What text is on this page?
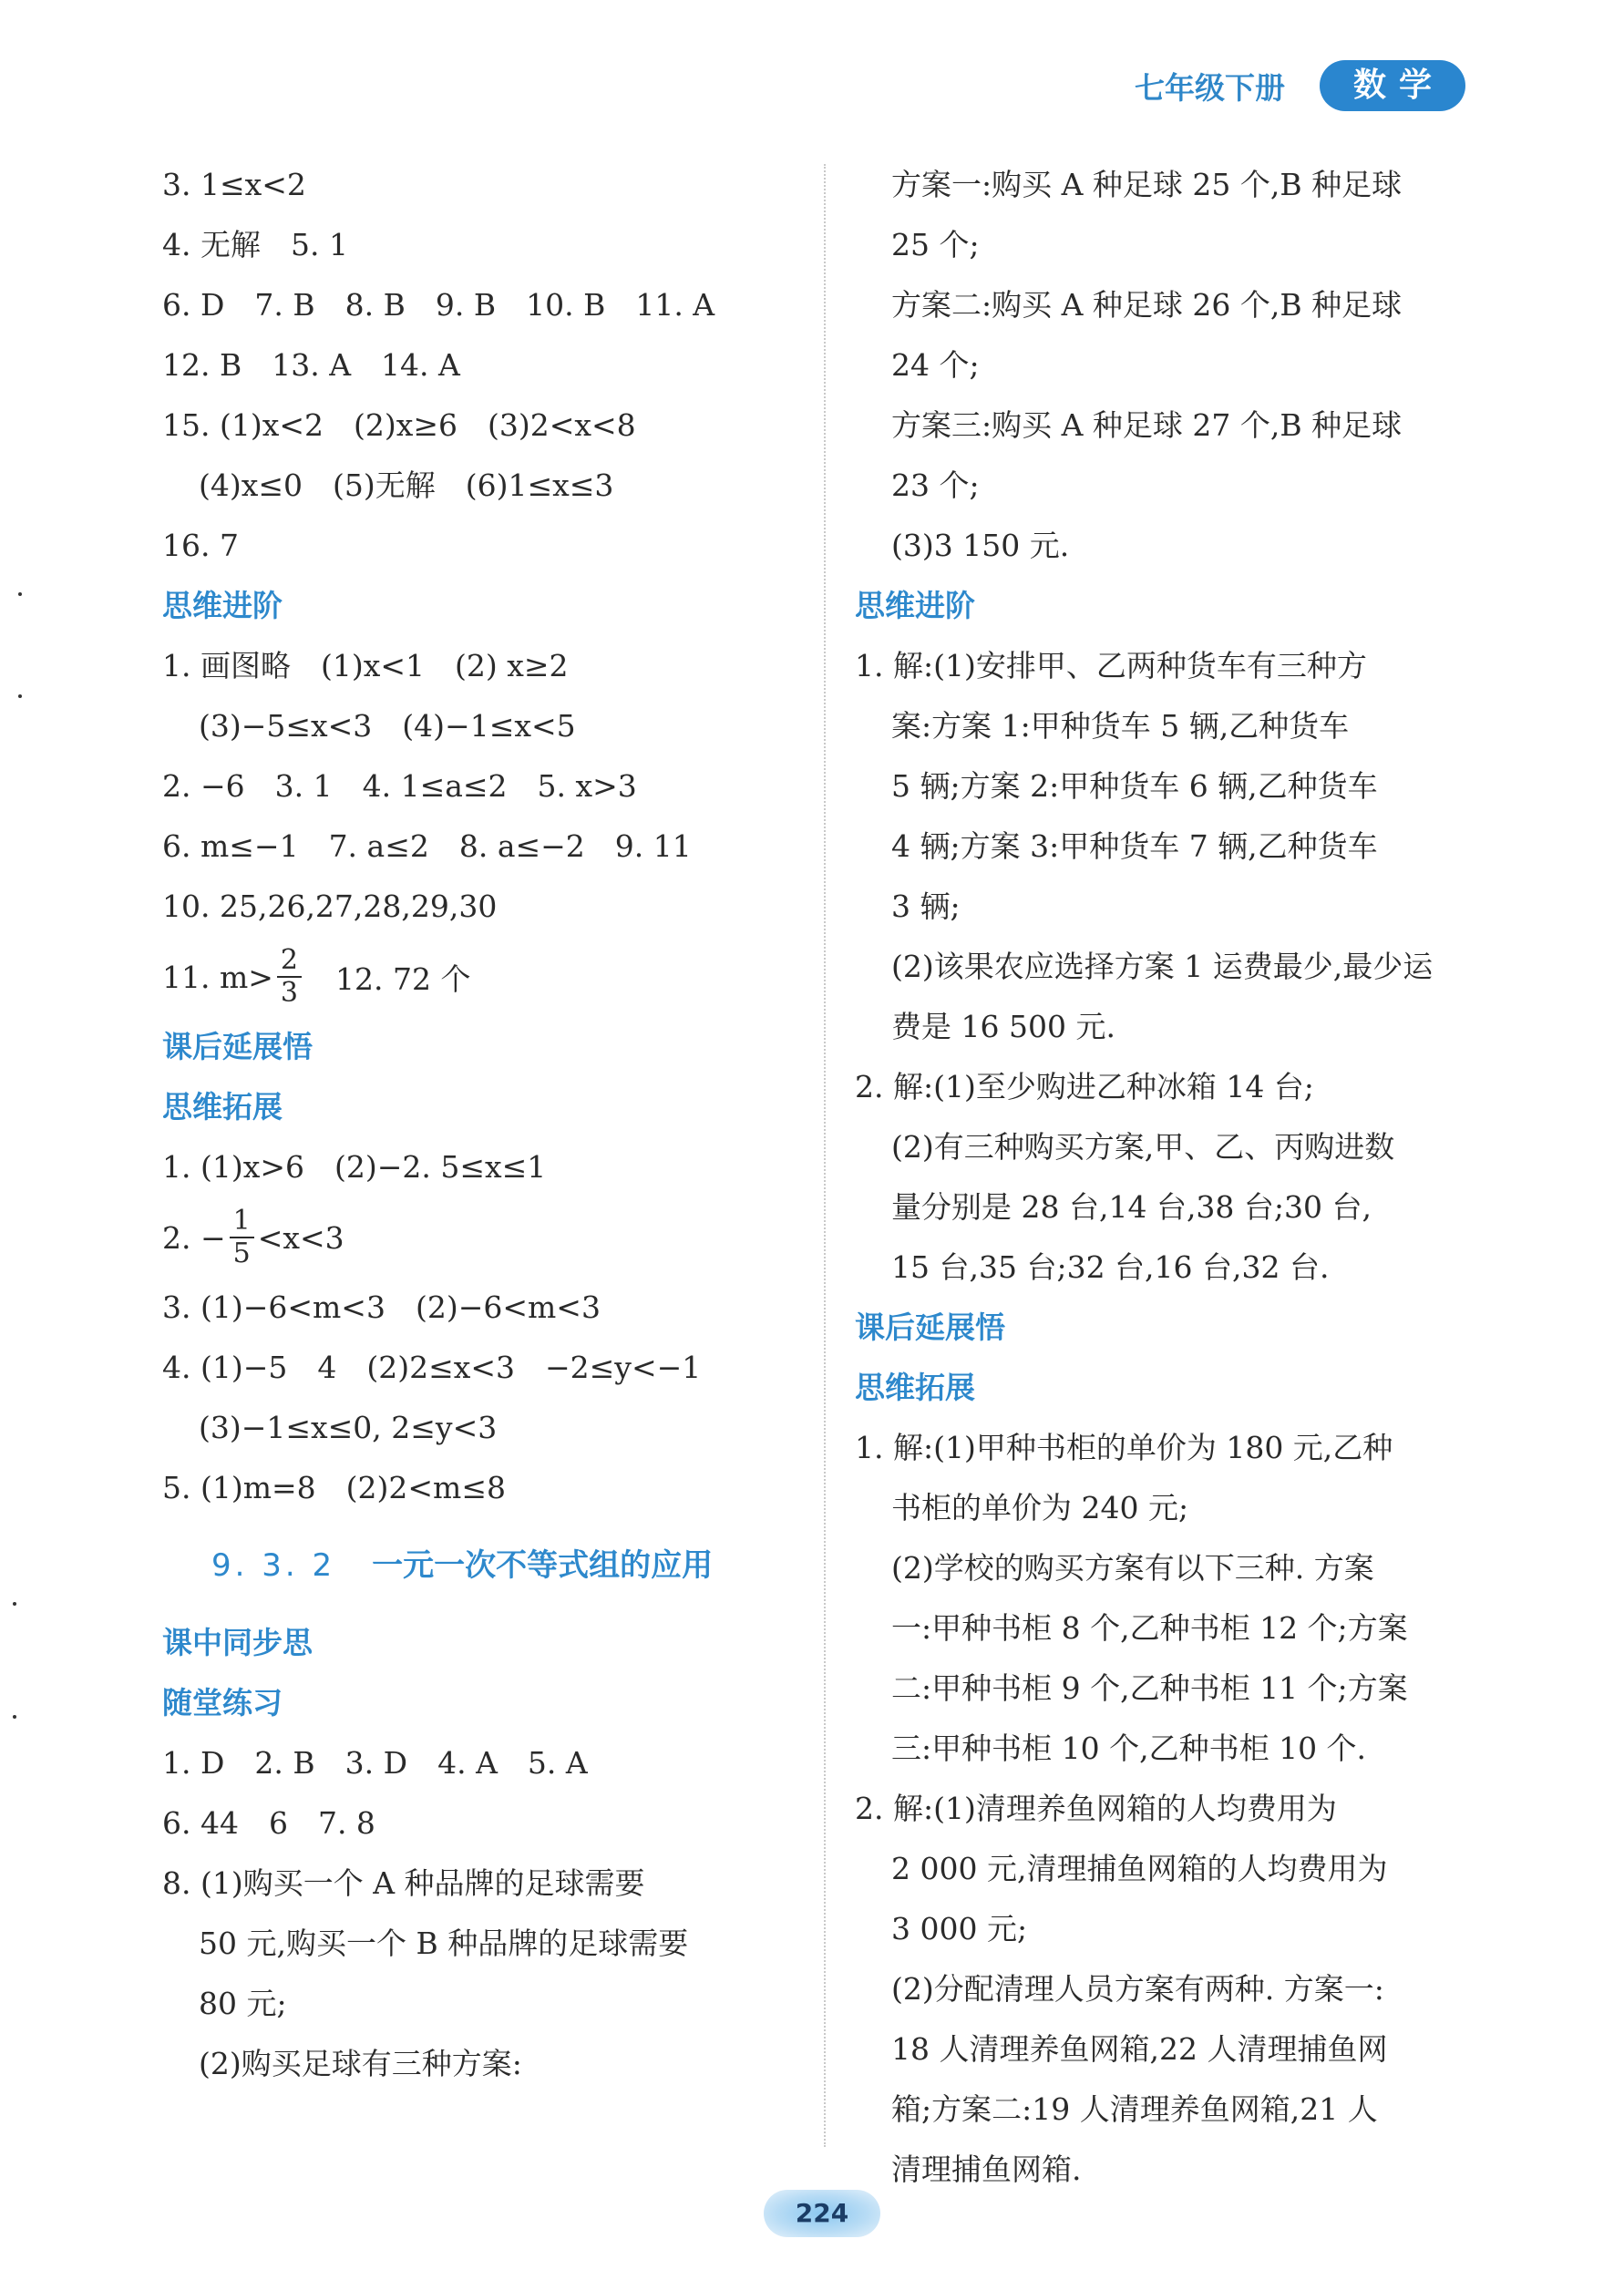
七年级下册	数学
3. 1≤x<2
4. 无解　5. 1
6. D　7. B　8. B　9. B　10. B　11. A
12. B　13. A　14. A
15. (1)x<2　(2)x≥6　(3)2<x<8
(4)x≤0　(5)无解　(6)1≤x≤3
16. 7
思维进阶
1. 画图略　(1)x<1　(2) x≥2
(3)−5≤x<3　(4)−1≤x<5
2. −6　3. 1　4. 1≤a≤2　5. x>3
6. m≤−1　7. a≤2　8. a≤−2　9. 11
10. 25,26,27,28,29,30
11. $m> \frac{2}{3}$ 　12. 72 个
课后延展悟
思维拓展
1. (1)x>6　(2)−2. 5≤x≤1
2. − $\frac{1}{5} <x<3$
3. (1)−6<m<3　(2)−6<m<3
4. (1)−5　4　(2)2≤x<3　−2≤y<−1
(3)−1≤x≤0, 2≤y<3
5. (1)m=8　(2)2<m≤8
9. 3. 2 一元一次不等式组的应用
课中同步思
随堂练习
1. D　2. B　3. D　4. A　5. A
6. 44　6　7. 8
8. (1)购买一个 A 种品牌的足球需要
50 元,购买一个 B 种品牌的足球需要
80 元;
(2)购买足球有三种方案:
方案一:购买 A 种足球 25 个,B 种足球
25 个;
方案二:购买 A 种足球 26 个,B 种足球
24 个;
方案三:购买 A 种足球 27 个,B 种足球
23 个;
(3)3 150 元.
思维进阶
1. 解:(1)安排甲、乙两种货车有三种方
案:方案 1:甲种货车 5 辆,乙种货车
5 辆;方案 2:甲种货车 6 辆,乙种货车
4 辆;方案 3:甲种货车 7 辆,乙种货车
3 辆;
(2)该果农应选择方案 1 运费最少,最少运
费是 16 500 元.
2. 解:(1)至少购进乙种冰箱 14 台;
(2)有三种购买方案,甲、乙、丙购进数
量分别是 28 台,14 台,38 台;30 台,
15 台,35 台;32 台,16 台,32 台.
课后延展悟
思维拓展
1. 解:(1)甲种书柜的单价为 180 元,乙种
书柜的单价为 240 元;
(2)学校的购买方案有以下三种. 方案
一:甲种书柜 8 个,乙种书柜 12 个;方案
二:甲种书柜 9 个,乙种书柜 11 个;方案
三:甲种书柜 10 个,乙种书柜 10 个.
2. 解:(1)清理养鱼网箱的人均费用为
2 000 元,清理捕鱼网箱的人均费用为
3 000 元;
(2)分配清理人员方案有两种. 方案一:
18 人清理养鱼网箱,22 人清理捕鱼网
箱;方案二:19 人清理养鱼网箱,21 人
清理捕鱼网箱.
224
